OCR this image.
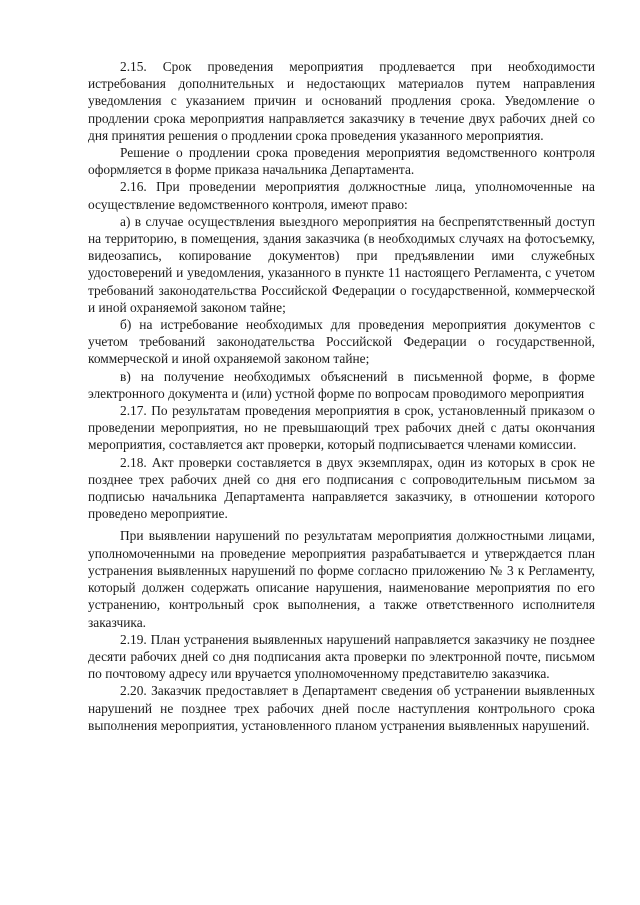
2.15. Срок проведения мероприятия продлевается при необходимости истребования дополнительных и недостающих материалов путем направления уведомления с указанием причин и оснований продления срока. Уведомление о продлении срока мероприятия направляется заказчику в течение двух рабочих дней со дня принятия решения о продлении срока проведения указанного мероприятия.

Решение о продлении срока проведения мероприятия ведомственного контроля оформляется в форме приказа начальника Департамента.

2.16. При проведении мероприятия должностные лица, уполномоченные на осуществление ведомственного контроля, имеют право:

а) в случае осуществления выездного мероприятия на беспрепятственный доступ на территорию, в помещения, здания заказчика (в необходимых случаях на фотосъемку, видеозапись, копирование документов) при предъявлении ими служебных удостоверений и уведомления, указанного в пункте 11 настоящего Регламента, с учетом требований законодательства Российской Федерации о государственной, коммерческой и иной охраняемой законом тайне;

б) на истребование необходимых для проведения мероприятия документов с учетом требований законодательства Российской Федерации о государственной, коммерческой и иной охраняемой законом тайне;

в) на получение необходимых объяснений в письменной форме, в форме электронного документа и (или) устной форме по вопросам проводимого мероприятия

2.17. По результатам проведения мероприятия в срок, установленный приказом о проведении мероприятия, но не превышающий трех рабочих дней с даты окончания мероприятия, составляется акт проверки, который подписывается членами комиссии.

2.18. Акт проверки составляется в двух экземплярах, один из которых в срок не позднее трех рабочих дней со дня его подписания с сопроводительным письмом за подписью начальника Департамента направляется заказчику, в отношении которого проведено мероприятие.

При выявлении нарушений по результатам мероприятия должностными лицами, уполномоченными на проведение мероприятия разрабатывается и утверждается план устранения выявленных нарушений по форме согласно приложению № 3 к Регламенту, который должен содержать описание нарушения, наименование мероприятия по его устранению, контрольный срок выполнения, а также ответственного исполнителя заказчика.

2.19. План устранения выявленных нарушений направляется заказчику не позднее десяти рабочих дней со дня подписания акта проверки по электронной почте, письмом по почтовому адресу или вручается уполномоченному представителю заказчика.

2.20. Заказчик предоставляет в Департамент сведения об устранении выявленных нарушений не позднее трех рабочих дней после наступления контрольного срока выполнения мероприятия, установленного планом устранения выявленных нарушений.
